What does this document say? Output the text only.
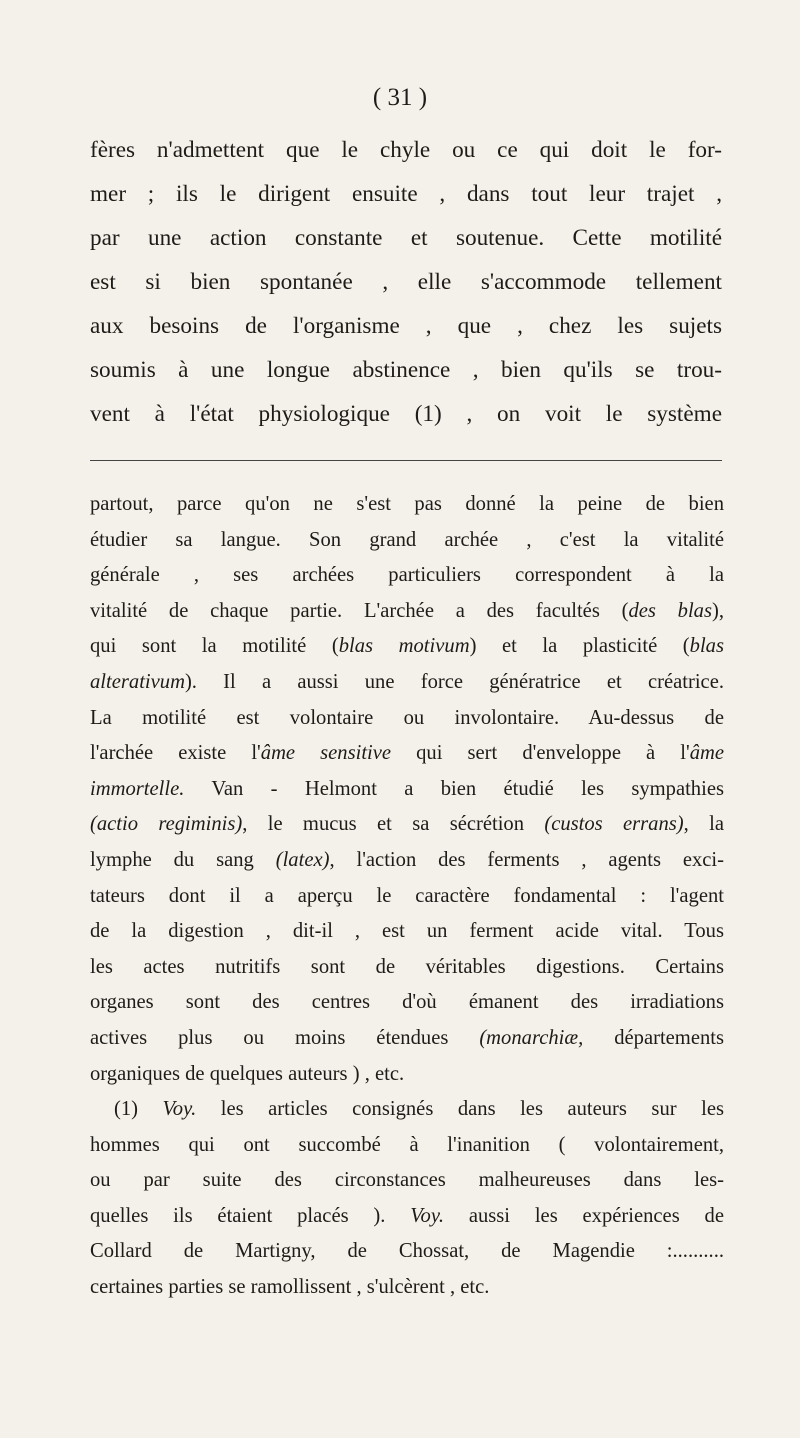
( 31 )
fères n'admettent que le chyle ou ce qui doit le for-
mer ; ils le dirigent ensuite , dans tout leur trajet ,
par une action constante et soutenue. Cette motilité
est si bien spontanée , elle s'accommode tellement
aux besoins de l'organisme , que , chez les sujets
soumis à une longue abstinence , bien qu'ils se trou-
vent à l'état physiologique (1) , on voit le système
partout, parce qu'on ne s'est pas donné la peine de bien
étudier sa langue. Son grand archée , c'est la vitalité
générale , ses archées particuliers correspondent à la
vitalité de chaque partie. L'archée a des facultés (des blas),
qui sont la motilité (blas motivum) et la plasticité (blas
alterativum). Il a aussi une force génératrice et créatrice.
La motilité est volontaire ou involontaire. Au-dessus de
l'archée existe l'âme sensitive qui sert d'enveloppe à l'âme
immortelle. Van - Helmont a bien étudié les sympathies
(actio regiminis), le mucus et sa sécrétion (custos errans), la
lymphe du sang (latex), l'action des ferments , agents exci-
tateurs dont il a aperçu le caractère fondamental : l'agent
de la digestion , dit-il , est un ferment acide vital. Tous
les actes nutritifs sont de véritables digestions. Certains
organes sont des centres d'où émanent des irradiations
actives plus ou moins étendues (monarchiæ, départements
organiques de quelques auteurs ) , etc.
(1) Voy. les articles consignés dans les auteurs sur les
hommes qui ont succombé à l'inanition ( volontairement,
ou par suite des circonstances malheureuses dans les-
quelles ils étaient placés ). Voy. aussi les expériences de
Collard de Martigny, de Chossat, de Magendie :..........
certaines parties se ramollissent , s'ulcèrent , etc.
